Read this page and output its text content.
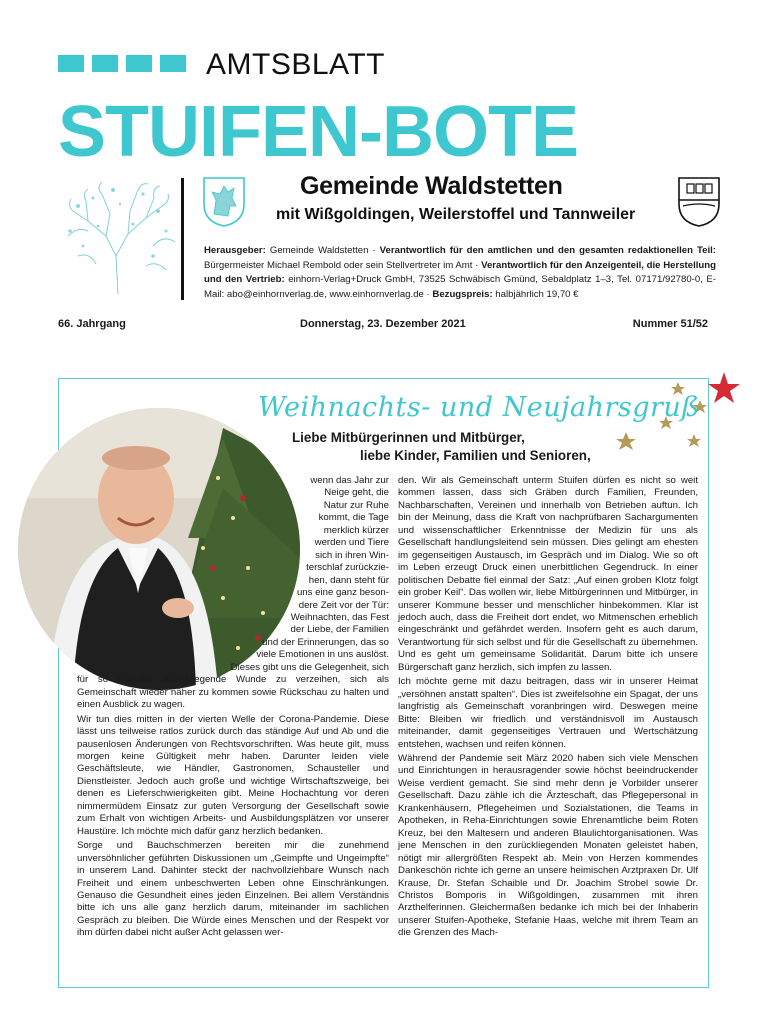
AMTSBLATT
STUIFEN-BOTE
Gemeinde Waldstetten
mit Wißgoldingen, Weilerstoffel und Tannweiler
Herausgeber: Gemeinde Waldstetten · Verantwortlich für den amtlichen und den gesamten redaktionellen Teil: Bürgermeister Michael Rembold oder sein Stellvertreter im Amt · Verantwortlich für den Anzeigenteil, die Herstellung und den Vertrieb: einhorn-Verlag+Druck GmbH, 73525 Schwäbisch Gmünd, Sebaldplatz 1–3, Tel. 07171/92780-0, E-Mail: abo@einhornverlag.de, www.einhornverlag.de · Bezugspreis: halbjährlich 19,70 €
66. Jahrgang	Donnerstag, 23. Dezember 2021	Nummer 51/52
Weihnachts- und Neujahrsgruß
Liebe Mitbürgerinnen und Mitbürger,
liebe Kinder, Familien und Senioren,

wenn das Jahr zur

Neige geht, die

Natur zur Ruhe

kommt, die Tage

merklich kürzer

werden und Tiere

sich in ihren Win-

terschlaf zurückzie-

hen, dann steht für

uns eine ganz beson-

dere Zeit vor der Tür:

Weihnachten, das Fest

der Liebe, der Familien

und der Erinnerungen, das so

viele Emotionen in uns auslöst.

Dieses gibt uns die Gelegenheit, sich

für so manche zurückliegende Wunde zu verzeihen, sich als Gemeinschaft wieder näher zu kommen sowie Rückschau zu halten und einen Ausblick zu wagen.

Wir tun dies mitten in der vierten Welle der Corona-Pandemie. Diese lässt uns teilweise ratlos zurück durch das ständige Auf und Ab und die pausenlosen Änderungen von Rechtsvorschriften. Was heute gilt, muss morgen keine Gültigkeit mehr haben. Darunter leiden viele Geschäftsleute, wie Händler, Gastronomen, Schausteller und Dienstleister. Jedoch auch große und wichtige Wirtschaftszweige, bei denen es Lieferschwierigkeiten gibt. Meine Hochachtung vor deren nimmermüdem Einsatz zur guten Versorgung der Gesellschaft sowie zum Erhalt von wichtigen Arbeits- und Ausbildungsplätzen vor unserer Haustüre. Ich möchte mich dafür ganz herzlich bedanken.

Sorge und Bauchschmerzen bereiten mir die zunehmend unversöhnlicher geführten Diskussionen um „Geimpfte und Ungeimpfte“ in unserem Land. Dahinter steckt der nachvollziehbare Wunsch nach Freiheit und einem unbeschwerten Leben ohne Einschränkungen. Genauso die Gesundheit eines jeden Einzelnen. Bei allem Verständnis bitte ich uns alle ganz herzlich darum, miteinander im sachlichen Gespräch zu bleiben. Die Würde eines Menschen und der Respekt vor ihm dürfen dabei nicht außer Acht gelassen wer-

den. Wir als Gemeinschaft unterm Stuifen dürfen es nicht so weit kommen lassen, dass sich Gräben durch Familien, Freunden, Nachbarschaften, Vereinen und innerhalb von Betrieben auftun. Ich bin der Meinung, dass die Kraft von nachprüfbaren Sachargumenten und wissenschaftlicher Erkenntnisse der Medizin für uns als Gesellschaft handlungsleitend sein müssen. Dies gelingt am ehesten im gegenseitigen Austausch, im Gespräch und im Dialog. Wie so oft im Leben erzeugt Druck einen unerbittlichen Gegendruck. In einer politischen Debatte fiel einmal der Satz: „Auf einen groben Klotz folgt ein grober Keil“. Das wollen wir, liebe Mitbürgerinnen und Mitbürger, in unserer Kommune besser und menschlicher hinbekommen. Klar ist jedoch auch, dass die Freiheit dort endet, wo Mitmenschen erheblich eingeschränkt und gefährdet werden. Insofern geht es auch darum, Verantwortung für sich selbst und für die Gesellschaft zu übernehmen. Und es geht um gemeinsame Solidarität. Darum bitte ich unsere Bürgerschaft ganz herzlich, sich impfen zu lassen.

Ich möchte gerne mit dazu beitragen, dass wir in unserer Heimat „versöhnen anstatt spalten“. Dies ist zweifelsohne ein Spagat, der uns langfristig als Gemeinschaft voranbringen wird. Deswegen meine Bitte: Bleiben wir friedlich und verständnisvoll im Austausch miteinander, damit gegenseitiges Vertrauen und Wertschätzung entstehen, wachsen und reifen können.

Während der Pandemie seit März 2020 haben sich viele Menschen und Einrichtungen in herausragender sowie höchst beeindruckender Weise verdient gemacht. Sie sind mehr denn je Vorbilder unserer Gesellschaft. Dazu zähle ich die Ärzteschaft, das Pflegepersonal in Krankenhäusern, Pflegeheimen und Sozialstationen, die Teams in Apotheken, in Reha-Einrichtungen sowie Ehrenamtliche beim Roten Kreuz, bei den Maltesern und anderen Blaulichtorganisationen. Was jene Menschen in den zurückliegenden Monaten geleistet haben, nötigt mir allergrößten Respekt ab. Mein von Herzen kommendes Dankeschön richte ich gerne an unsere heimischen Arztpraxen Dr. Ulf Krause, Dr. Stefan Schaible und Dr. Joachim Strobel sowie Dr. Christos Bomporis in Wißgoldingen, zusammen mit ihren Arzthelferinnen. Gleichermaßen bedanke ich mich bei der Inhaberin unserer Stuifen-Apotheke, Stefanie Haas, welche mit ihrem Team an die Grenzen des Mach-
